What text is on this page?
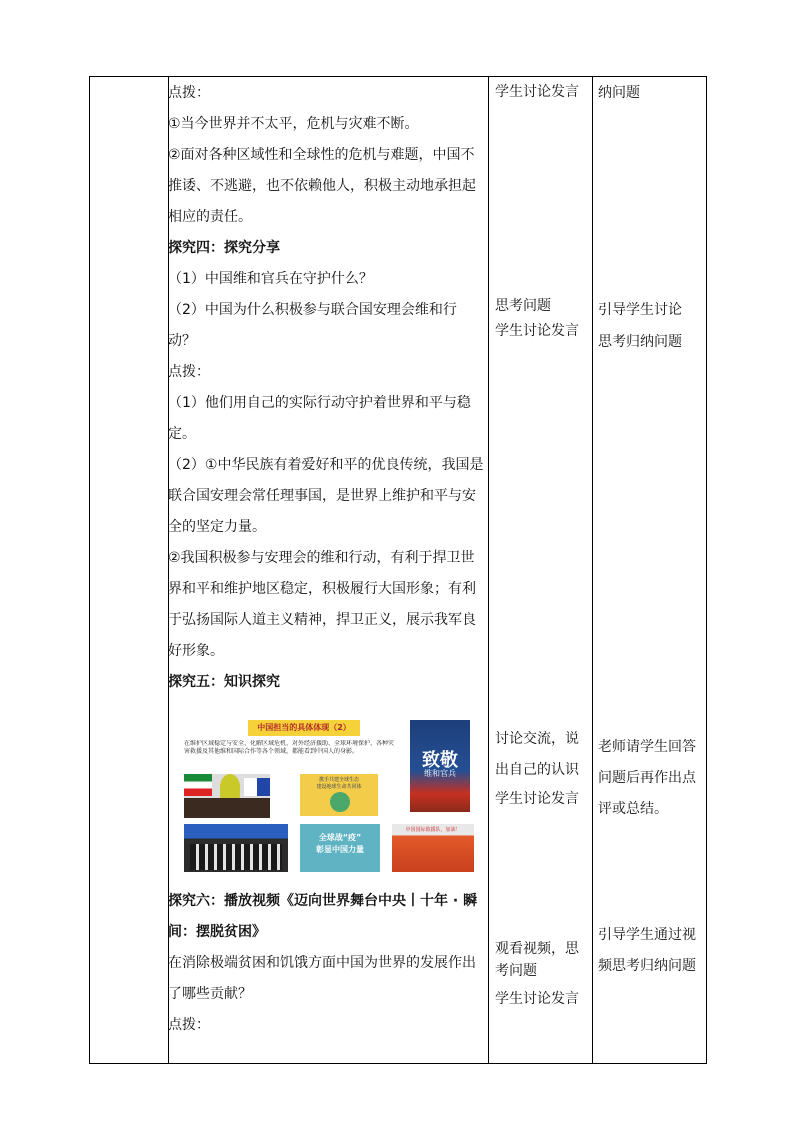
点拨：

①当今世界并不太平，危机与灾难不断。

②面对各种区域性和全球性的危机与难题，中国不推诿、不逃避，也不依赖他人，积极主动地承担起相应的责任。

探究四：探究分享

（1）中国维和官兵在守护什么？

（2）中国为什么积极参与联合国安理会维和行动？

点拨：

（1）他们用自己的实际行动守护着世界和平与稳定。

（2）①中华民族有着爱好和平的优良传统，我国是联合国安理会常任理事国，是世界上维护和平与安全的坚定力量。

②我国积极参与安理会的维和行动，有利于捍卫世界和平和维护地区稳定，积极履行大国形象；有利于弘扬国际人道主义精神，捍卫正义，展示我军良好形象。

探究五：知识探究

中国担当的具体体现（2）
在维护区域稳定与安全、化解区域危机、对外经济援助、全球环境保护、各种灾害救援及其他维和国际合作等各个领域，都能看到中国人的身影。	致敬
维和官兵
携手共建全球生态
建设地球生命共同体
全球战“疫”
彰显中国力量
中国国际救援队，加油！

探究六：播放视频《迈向世界舞台中央丨十年 · 瞬间：摆脱贫困》

在消除极端贫困和饥饿方面中国为世界的发展作出了哪些贡献？

点拨：

学生讨论发言
思考问题
学生讨论发言
讨论交流，说出自己的认识
学生讨论发言
观看视频，思考问题
学生讨论发言
纳问题
引导学生讨论
思考归纳问题
老师请学生回答问题后再作出点评或总结。
引导学生通过视频思考归纳问题
